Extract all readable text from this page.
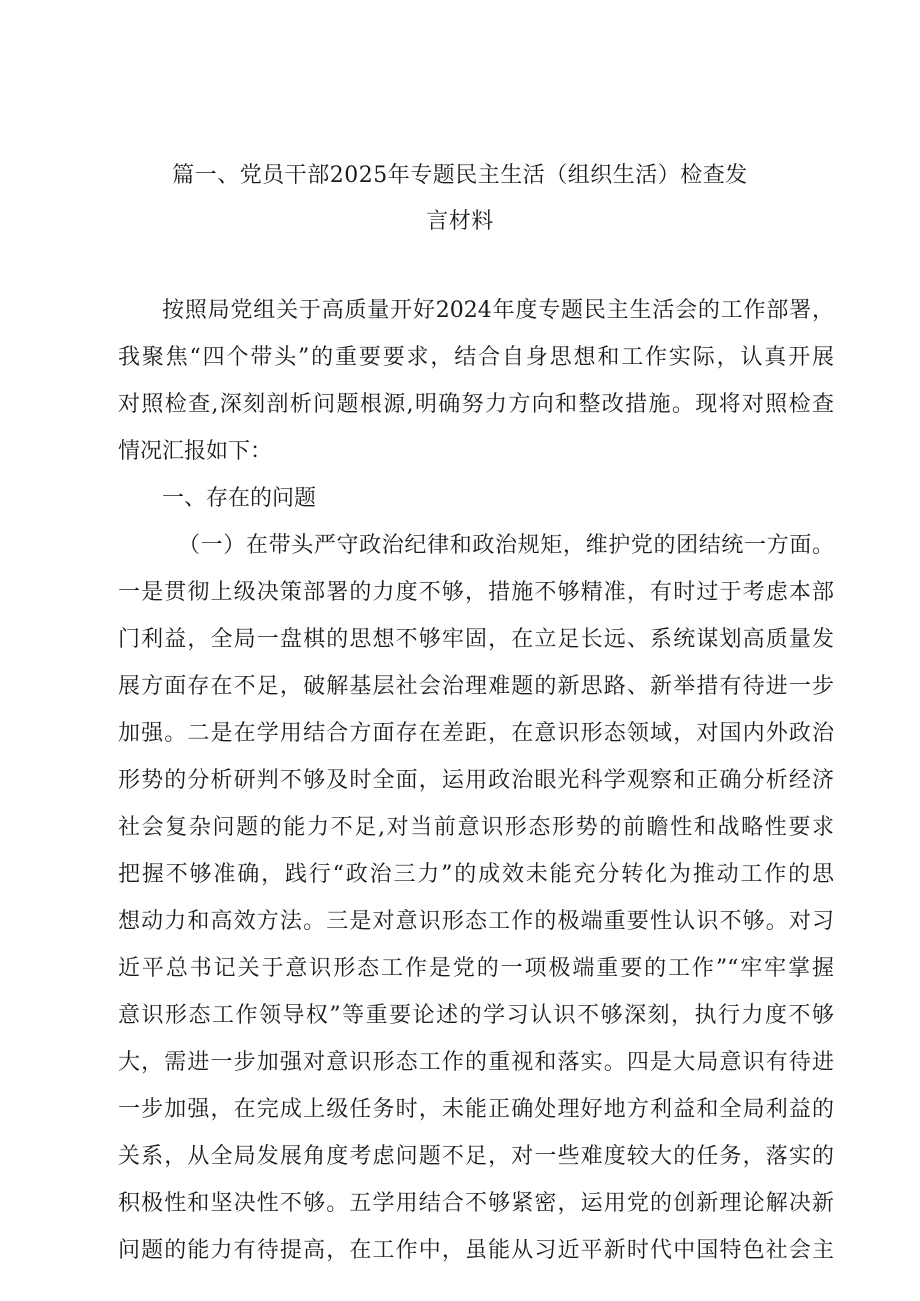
篇一、党员干部2025年专题民主生活（组织生活）检查发
言材料
按照局党组关于高质量开好2024年度专题民主生活会的工作部署，
我聚焦“四个带头”的重要要求，结合自身思想和工作实际，认真开展
对照检查,深刻剖析问题根源,明确努力方向和整改措施。现将对照检查
情况汇报如下：
一、存在的问题
（一）在带头严守政治纪律和政治规矩，维护党的团结统一方面。
一是贯彻上级决策部署的力度不够，措施不够精准，有时过于考虑本部
门利益，全局一盘棋的思想不够牢固，在立足长远、系统谋划高质量发
展方面存在不足，破解基层社会治理难题的新思路、新举措有待进一步
加强。二是在学用结合方面存在差距，在意识形态领域，对国内外政治
形势的分析研判不够及时全面，运用政治眼光科学观察和正确分析经济
社会复杂问题的能力不足,对当前意识形态形势的前瞻性和战略性要求
把握不够准确，践行“政治三力”的成效未能充分转化为推动工作的思
想动力和高效方法。三是对意识形态工作的极端重要性认识不够。对习
近平总书记关于意识形态工作是党的一项极端重要的工作”“牢牢掌握
意识形态工作领导权”等重要论述的学习认识不够深刻，执行力度不够
大，需进一步加强对意识形态工作的重视和落实。四是大局意识有待进
一步加强，在完成上级任务时，未能正确处理好地方利益和全局利益的
关系，从全局发展角度考虑问题不足，对一些难度较大的任务，落实的
积极性和坚决性不够。五学用结合不够紧密，运用党的创新理论解决新
问题的能力有待提高，在工作中，虽能从习近平新时代中国特色社会主
